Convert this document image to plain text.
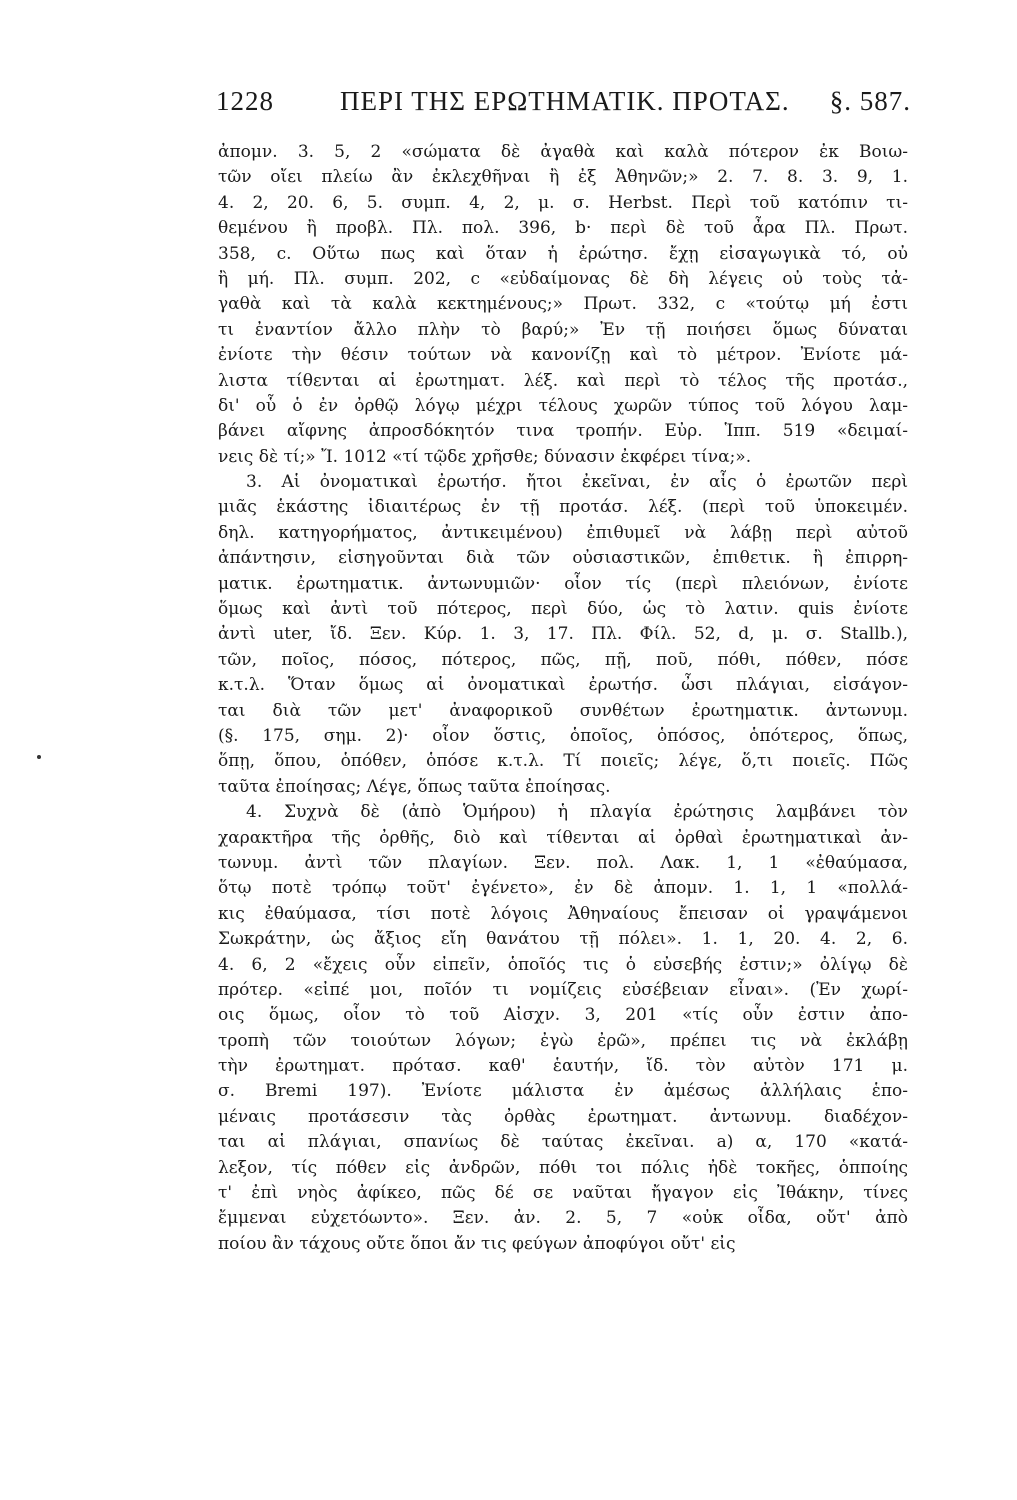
1228 ΠΕΡΙ ΤΗΣ ΕΡΩΤΗΜΑΤΙΚ. ΠΡΟΤΑΣ. §. 587.
ἀπομν. 3. 5, 2 «σώματα δὲ ἀγαθὰ καὶ καλὰ πότερον ἐκ Βοιω-
τῶν οἴει πλείω ἂν ἐκλεχθῆναι ἢ ἐξ Ἀθηνῶν;» 2. 7. 8. 3. 9, 1.
4. 2, 20. 6, 5. συμπ. 4, 2, μ. σ. Herbst. Περὶ τοῦ κατόπιν τι-
θεμένου ἢ προβλ. Πλ. πολ. 396, b· περὶ δὲ τοῦ ἆρα Πλ. Πρωτ.
358, c. Οὕτω πως καὶ ὅταν ἡ ἐρώτησ. ἔχῃ εἰσαγωγικὰ τό, οὐ
ἢ μή. Πλ. συμπ. 202, c «εὐδαίμονας δὲ δὴ λέγεις οὐ τοὺς τἀ-
γαθὰ καὶ τὰ καλὰ κεκτημένους;» Πρωτ. 332, c «τούτῳ μή ἐστι
τι ἐναντίον ἄλλο πλὴν τὸ βαρύ;» Ἐν τῇ ποιήσει ὅμως δύναται
ἐνίοτε τὴν θέσιν τούτων νὰ κανονίζῃ καὶ τὸ μέτρον. Ἐνίοτε μά-
λιστα τίθενται αἱ ἐρωτηματ. λέξ. καὶ περὶ τὸ τέλος τῆς προτάσ.,
δι' οὗ ὁ ἐν ὀρθῷ λόγῳ μέχρι τέλους χωρῶν τύπος τοῦ λόγου λαμ-
βάνει αἴφνης ἀπροσδόκητόν τινα τροπήν. Εὐρ. Ἱππ. 519 «δειμαί-
νεις δὲ τί;» Ἴ. 1012 «τί τῷδε χρῆσθε; δύνασιν ἐκφέρει τίνα;».
3. Αἱ ὀνοματικαὶ ἐρωτήσ. ἤτοι ἐκεῖναι, ἐν αἷς ὁ ἐρωτῶν περὶ
μιᾶς ἑκάστης ἰδιαιτέρως ἐν τῇ προτάσ. λέξ. (περὶ τοῦ ὑποκειμέν.
δηλ. κατηγορήματος, ἀντικειμένου) ἐπιθυμεῖ νὰ λάβῃ περὶ αὐτοῦ
ἀπάντησιν, εἰσηγοῦνται διὰ τῶν οὐσιαστικῶν, ἐπιθετικ. ἢ ἐπιρρη-
ματικ. ἐρωτηματικ. ἀντωνυμιῶν· οἷον τίς (περὶ πλειόνων, ἐνίοτε
ὅμως καὶ ἀντὶ τοῦ πότερος, περὶ δύο, ὡς τὸ λατιν. quis ἐνίοτε
ἀντὶ uter, ἴδ. Ξεν. Κύρ. 1. 3, 17. Πλ. Φίλ. 52, d, μ. σ. Stallb.),
τῶν, ποῖος, πόσος, πότερος, πῶς, πῇ, ποῦ, πόθι, πόθεν, πόσε
κ.τ.λ. Ὅταν ὅμως αἱ ὀνοματικαὶ ἐρωτήσ. ὦσι πλάγιαι, εἰσάγον-
ται διὰ τῶν μετ' ἀναφορικοῦ συνθέτων ἐρωτηματικ. ἀντωνυμ.
(§. 175, σημ. 2)· οἷον ὅστις, ὁποῖος, ὁπόσος, ὁπότερος, ὅπως,
ὅπῃ, ὅπου, ὁπόθεν, ὁπόσε κ.τ.λ. Τί ποιεῖς; λέγε, ὅ,τι ποιεῖς. Πῶς
ταῦτα ἐποίησας; Λέγε, ὅπως ταῦτα ἐποίησας.
4. Συχνὰ δὲ (ἀπὸ Ὁμήρου) ἡ πλαγία ἐρώτησις λαμβάνει τὸν
χαρακτῆρα τῆς ὀρθῆς, διὸ καὶ τίθενται αἱ ὀρθαὶ ἐρωτηματικαὶ ἀν-
τωνυμ. ἀντὶ τῶν πλαγίων. Ξεν. πολ. Λακ. 1, 1 «ἐθαύμασα,
ὅτῳ ποτὲ τρόπῳ τοῦτ' ἐγένετο», ἐν δὲ ἀπομν. 1. 1, 1 «πολλά-
κις ἐθαύμασα, τίσι ποτὲ λόγοις Ἀθηναίους ἔπεισαν οἱ γραψάμενοι
Σωκράτην, ὡς ἄξιος εἴη θανάτου τῇ πόλει». 1. 1, 20. 4. 2, 6.
4. 6, 2 «ἔχεις οὖν εἰπεῖν, ὁποῖός τις ὁ εὐσεβής ἐστιν;» ὀλίγῳ δὲ
πρότερ. «εἰπέ μοι, ποῖόν τι νομίζεις εὐσέβειαν εἶναι». (Ἐν χωρί-
οις ὅμως, οἷον τὸ τοῦ Αἰσχν. 3, 201 «τίς οὖν ἐστιν ἀπο-
τροπὴ τῶν τοιούτων λόγων; ἐγὼ ἐρῶ», πρέπει τις νὰ ἐκλάβῃ
τὴν ἐρωτηματ. πρότασ. καθ' ἑαυτήν, ἴδ. τὸν αὐτὸν 171 μ.
σ. Bremi 197). Ἐνίοτε μάλιστα ἐν ἀμέσως ἀλλήλαις ἑπο-
μέναις προτάσεσιν τὰς ὀρθὰς ἐρωτηματ. ἀντωνυμ. διαδέχον-
ται αἱ πλάγιαι, σπανίως δὲ ταύτας ἐκεῖναι. a) α, 170 «κατά-
λεξον, τίς πόθεν εἰς ἀνδρῶν, πόθι τοι πόλις ἠδὲ τοκῆες, ὁπποίης
τ' ἐπὶ νηὸς ἀφίκεο, πῶς δέ σε ναῦται ἤγαγον εἰς Ἰθάκην, τίνες
ἔμμεναι εὐχετόωντο». Ξεν. ἀν. 2. 5, 7 «οὐκ οἶδα, οὔτ' ἀπὸ
ποίου ἂν τάχους οὔτε ὅποι ἄν τις φεύγων ἀποφύγοι οὔτ' εἰς
